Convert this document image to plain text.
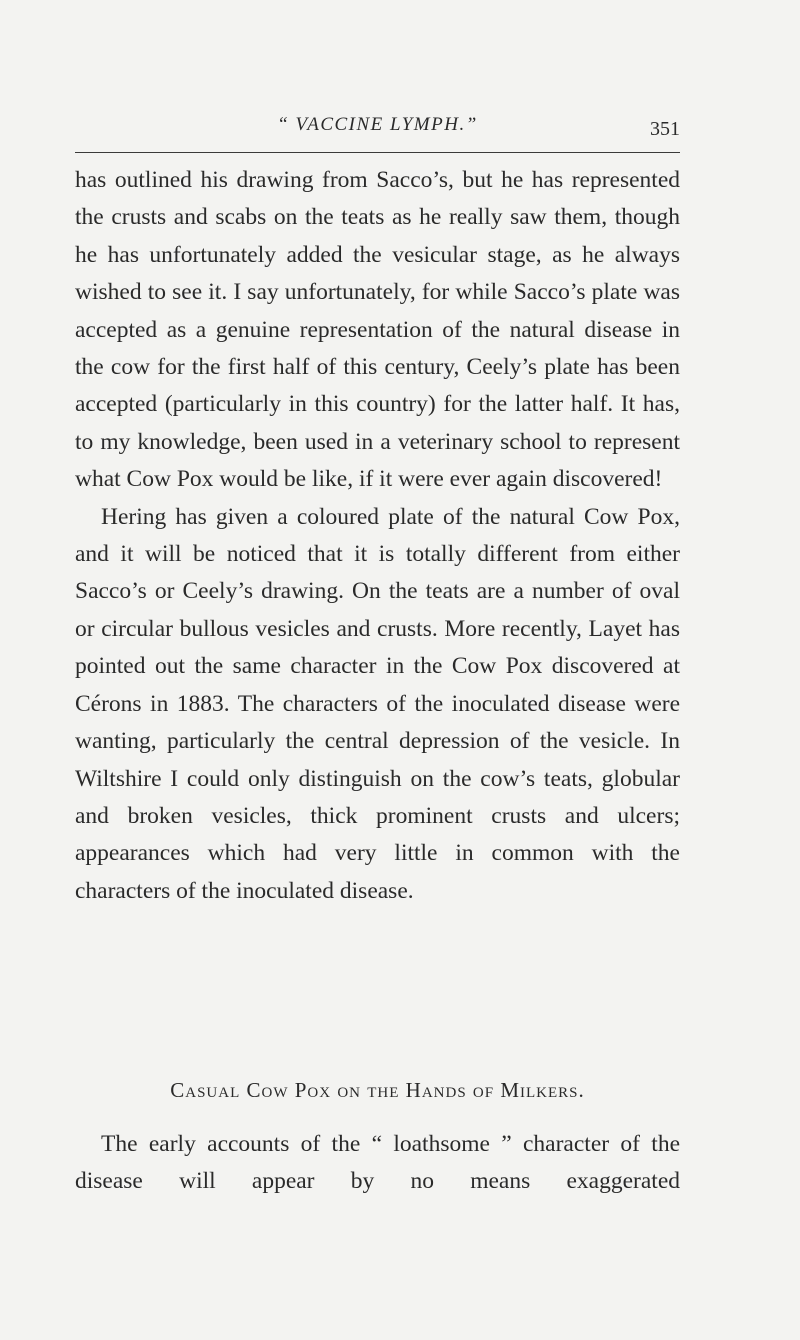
“ VACCINE LYMPH.”	351

has outlined his drawing from Sacco’s, but he has represented the crusts and scabs on the teats as he really saw them, though he has unfortunately added the vesicular stage, as he always wished to see it. I say unfortunately, for while Sacco’s plate was accepted as a genuine representation of the natural disease in the cow for the first half of this century, Ceely’s plate has been accepted (particularly in this country) for the latter half. It has, to my knowledge, been used in a veterinary school to represent what Cow Pox would be like, if it were ever again discovered!

Hering has given a coloured plate of the natural Cow Pox, and it will be noticed that it is totally different from either Sacco’s or Ceely’s drawing. On the teats are a number of oval or circular bullous vesicles and crusts. More recently, Layet has pointed out the same character in the Cow Pox discovered at Cérons in 1883. The characters of the inoculated disease were wanting, particularly the central depression of the vesicle. In Wiltshire I could only distinguish on the cow’s teats, globular and broken vesicles, thick prominent crusts and ulcers; appearances which had very little in common with the characters of the inoculated disease.

Casual Cow Pox on the Hands of Milkers.

The early accounts of the “ loathsome ” character of the disease will appear by no means exaggerated
